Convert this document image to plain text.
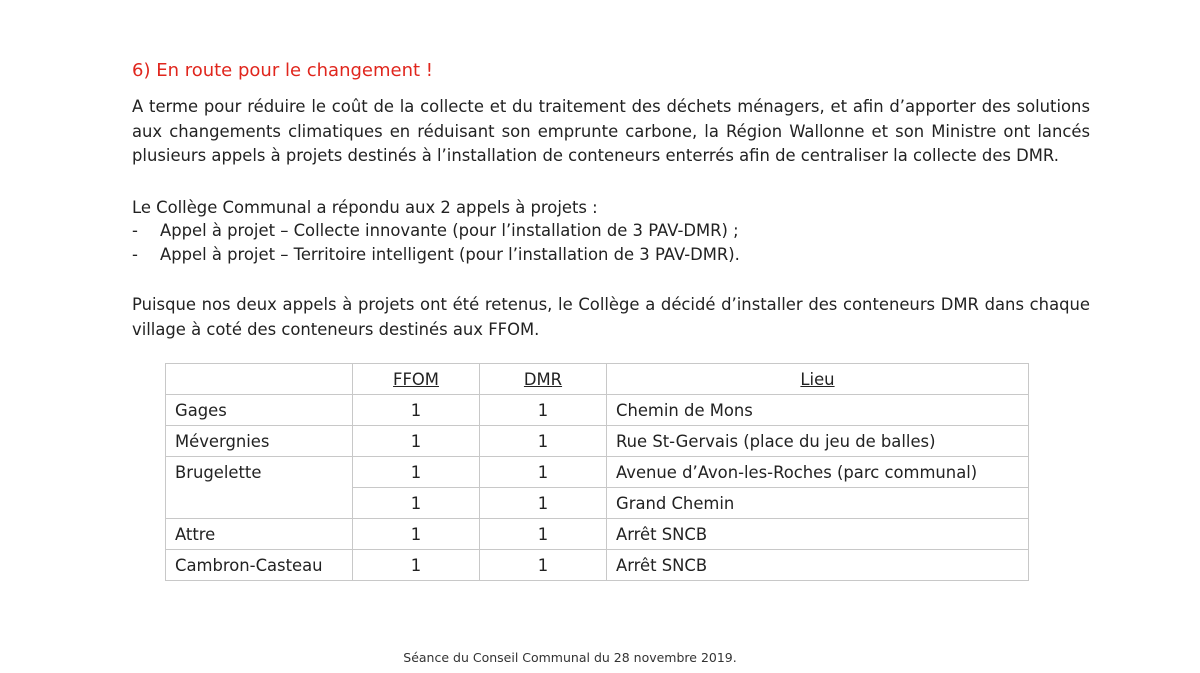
6) En route pour le changement !

A terme pour réduire le coût de la collecte et du traitement des déchets ménagers, et afin d’apporter des solutions aux changements climatiques en réduisant son emprunte carbone, la Région Wallonne et son Ministre ont lancés plusieurs appels à projets destinés à l’installation de conteneurs enterrés afin de centraliser la collecte des DMR.

Le Collège Communal a répondu aux 2 appels à projets :

- Appel à projet – Collecte innovante (pour l’installation de 3 PAV-DMR) ;
- Appel à projet – Territoire intelligent (pour l’installation de 3 PAV-DMR).

Puisque nos deux appels à projets ont été retenus, le Collège a décidé d’installer des conteneurs DMR dans chaque village à coté des conteneurs destinés aux FFOM.

	FFOM	DMR	Lieu
Gages	1	1	Chemin de Mons
Mévergnies	1	1	Rue St-Gervais (place du jeu de balles)
Brugelette	1	1	Avenue d’Avon-les-Roches (parc communal)
	1	1	Grand Chemin
Attre	1	1	Arrêt SNCB
Cambron-Casteau	1	1	Arrêt SNCB
Séance du Conseil Communal du 28 novembre 2019.
